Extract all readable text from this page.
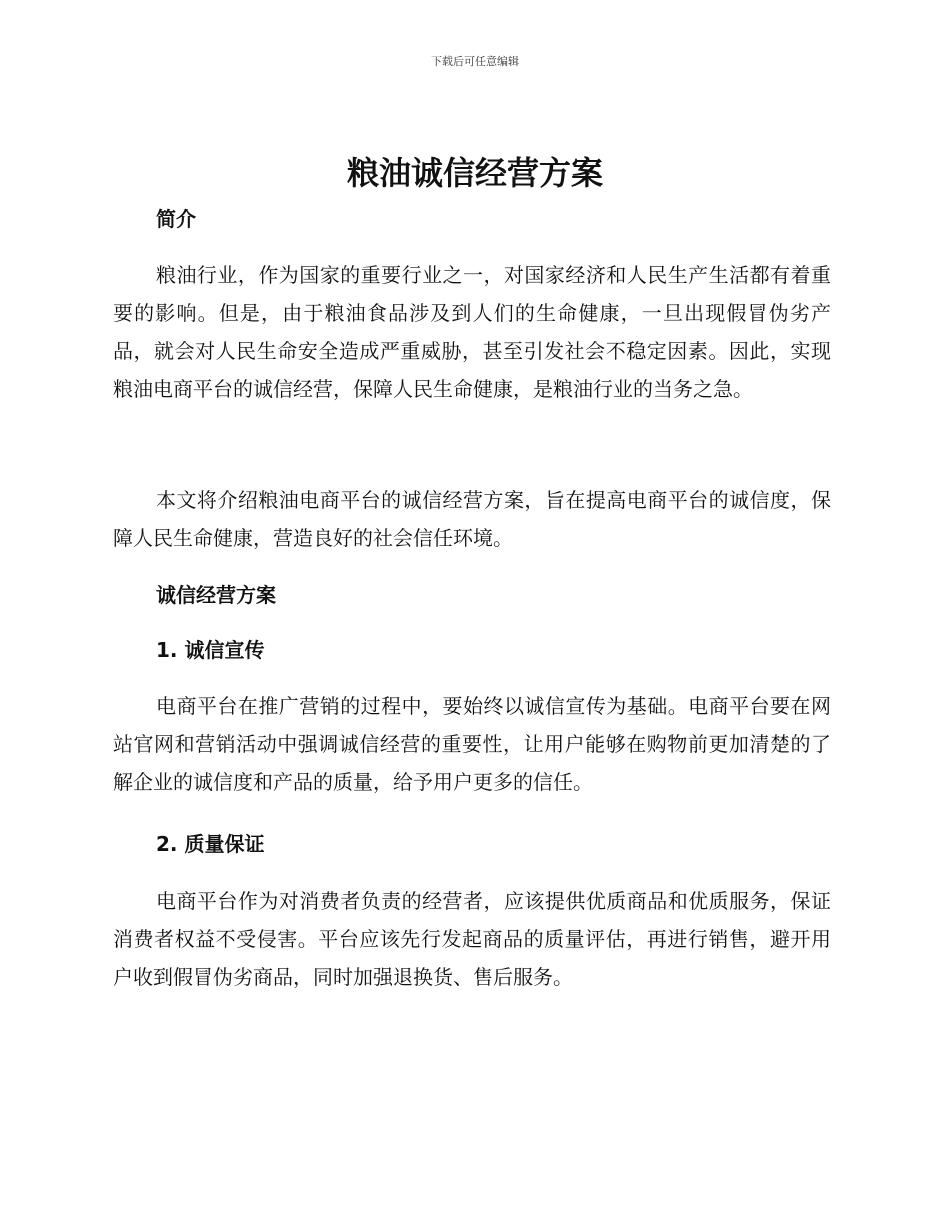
下载后可任意编辑
粮油诚信经营方案
简介

粮油行业，作为国家的重要行业之一，对国家经济和人民生产生活都有着重要的影响。但是，由于粮油食品涉及到人们的生命健康，一旦出现假冒伪劣产品，就会对人民生命安全造成严重威胁，甚至引发社会不稳定因素。因此，实现粮油电商平台的诚信经营，保障人民生命健康，是粮油行业的当务之急。

本文将介绍粮油电商平台的诚信经营方案，旨在提高电商平台的诚信度，保障人民生命健康，营造良好的社会信任环境。

诚信经营方案
1. 诚信宣传

电商平台在推广营销的过程中，要始终以诚信宣传为基础。电商平台要在网站官网和营销活动中强调诚信经营的重要性，让用户能够在购物前更加清楚的了解企业的诚信度和产品的质量，给予用户更多的信任。

2. 质量保证

电商平台作为对消费者负责的经营者，应该提供优质商品和优质服务，保证消费者权益不受侵害。平台应该先行发起商品的质量评估，再进行销售，避开用户收到假冒伪劣商品，同时加强退换货、售后服务。
